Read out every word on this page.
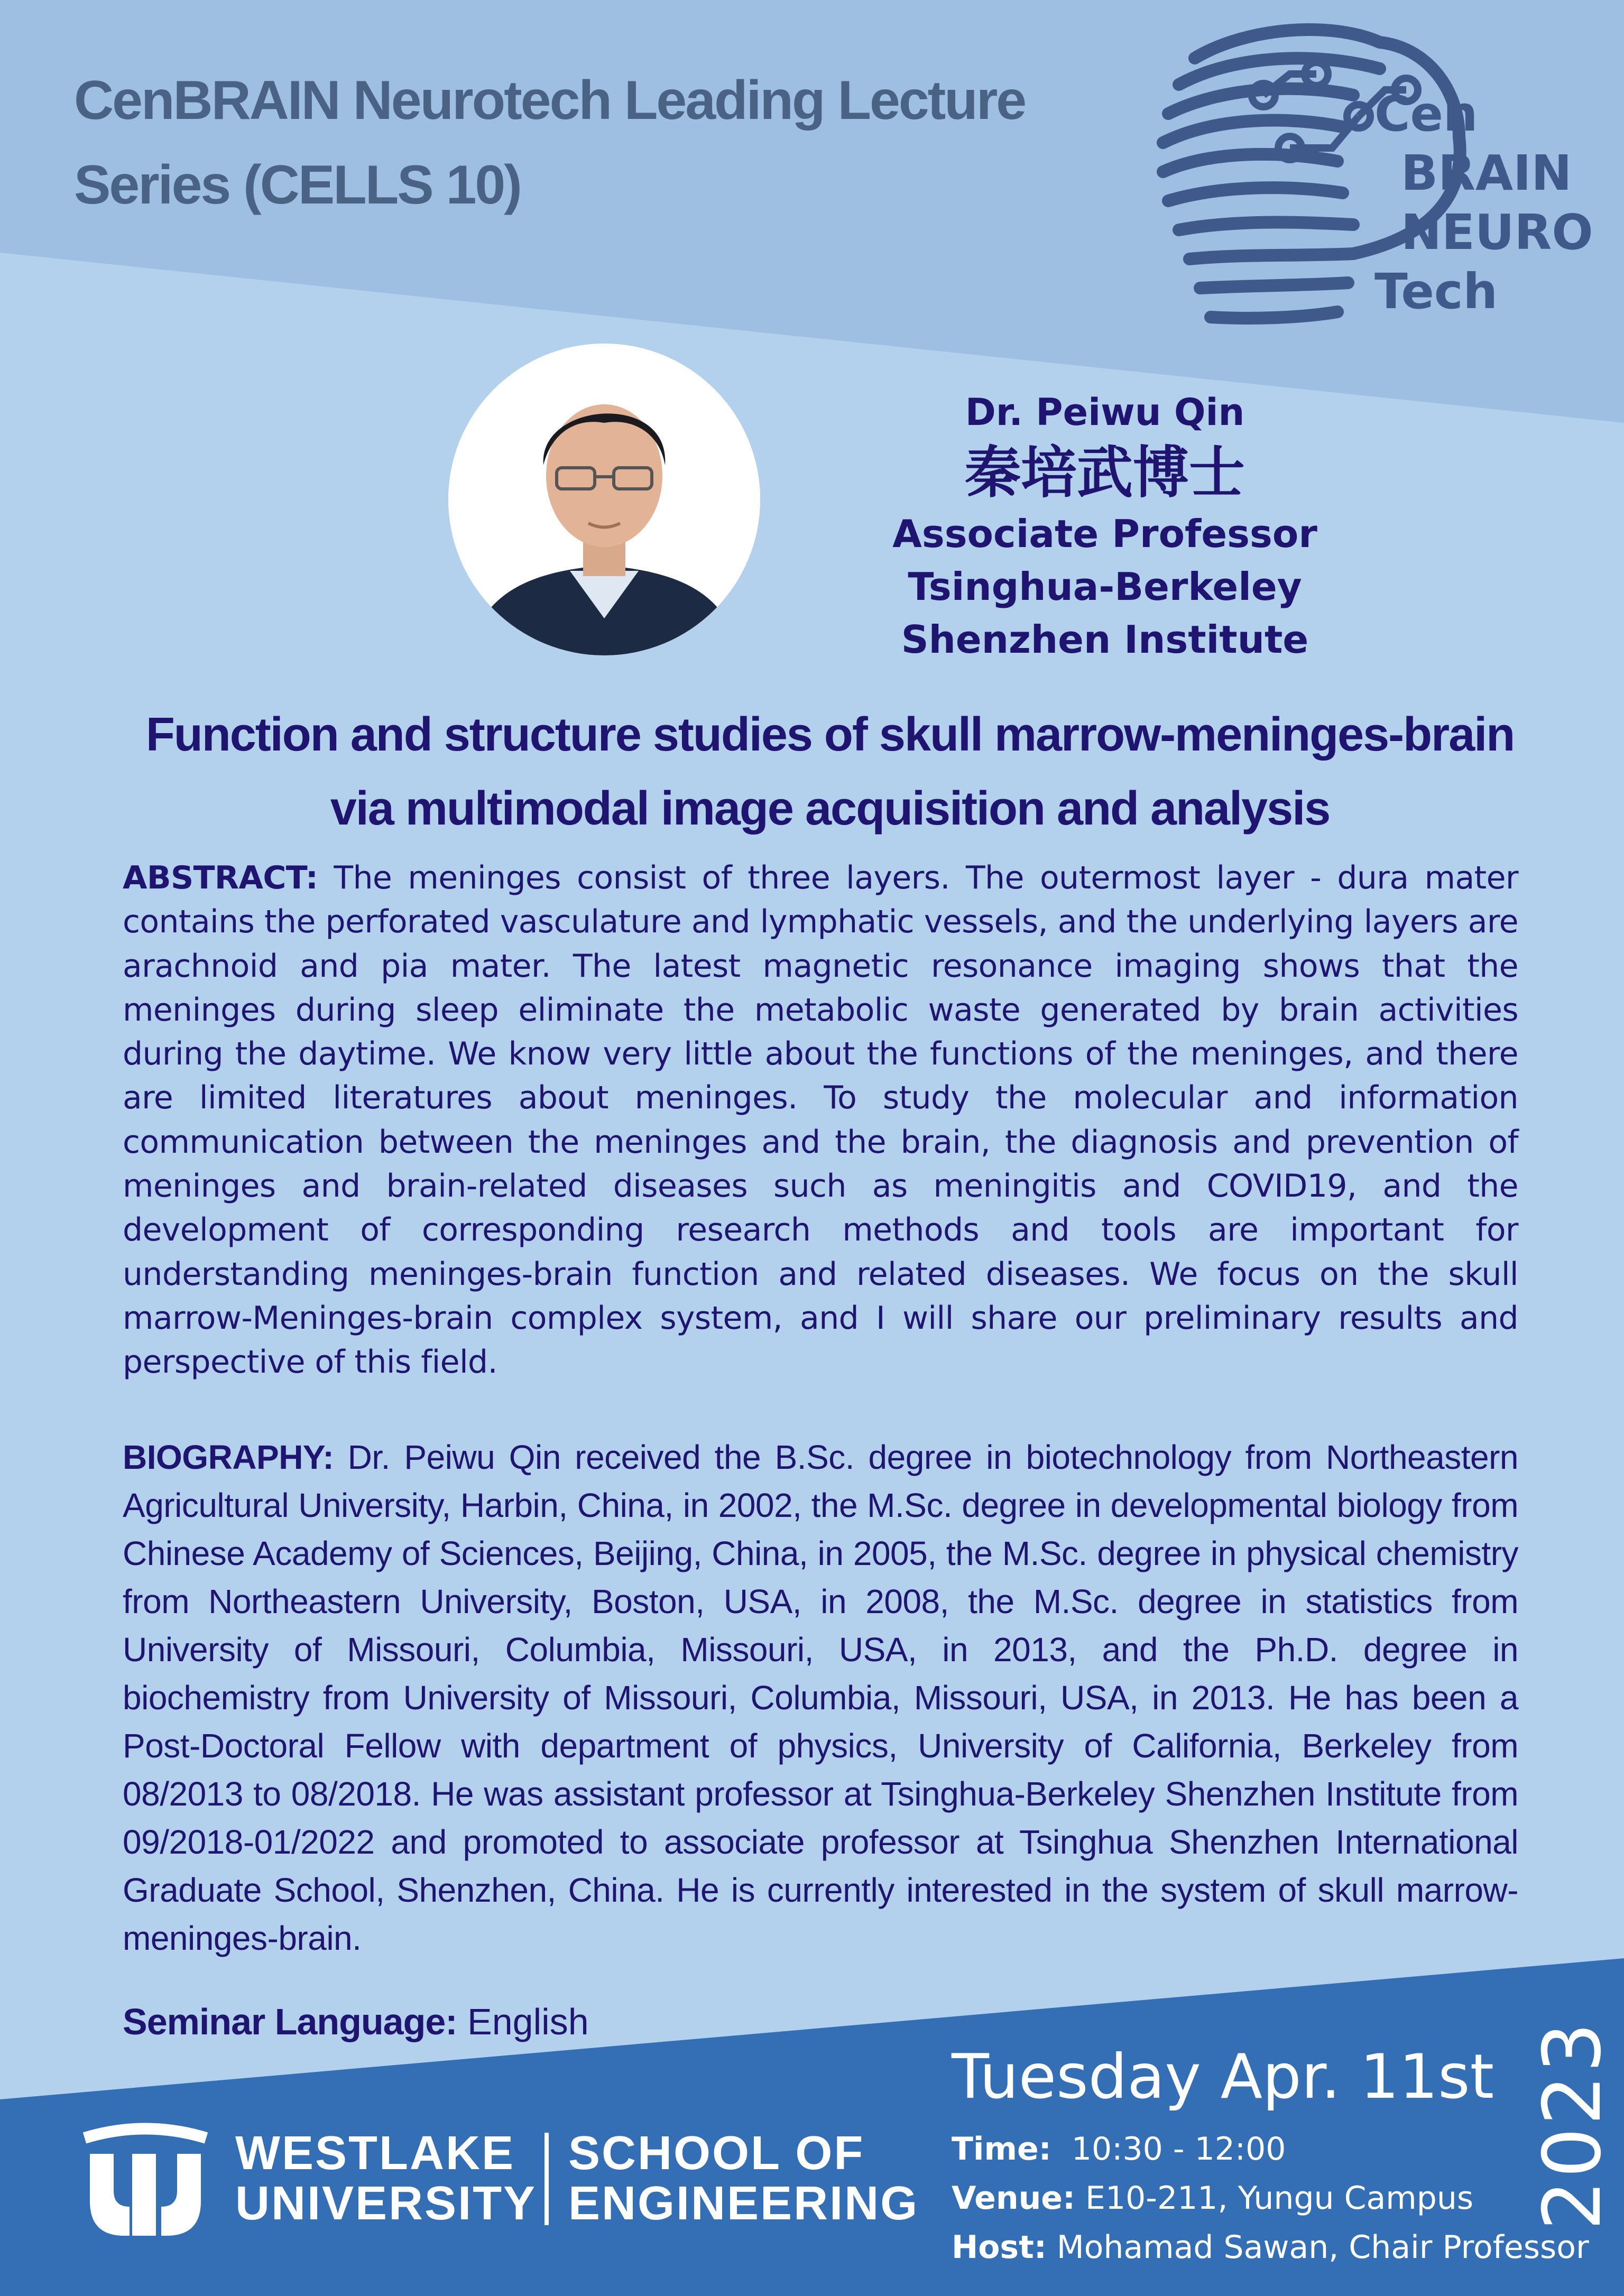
CenBRAIN Neurotech Leading Lecture
Series (CELLS 10)
Cen
BRAIN
NEURO
Tech
Dr. Peiwu Qin
秦培武博士
Associate Professor
Tsinghua-Berkeley
Shenzhen Institute
Function and structure studies of skull marrow-meninges-brain
via multimodal image acquisition and analysis

ABSTRACT: The meninges consist of three layers. The outermost layer - dura mater contains the perforated vasculature and lymphatic vessels, and the underlying layers are arachnoid and pia mater. The latest magnetic resonance imaging shows that the meninges during sleep eliminate the metabolic waste generated by brain activities during the daytime. We know very little about the functions of the meninges, and there are limited literatures about meninges. To study the molecular and information communication between the meninges and the brain, the diagnosis and prevention of meninges and brain-related diseases such as meningitis and COVID19, and the development of corresponding research methods and tools are important for understanding meninges-brain function and related diseases. We focus on the skull marrow-Meninges-brain complex system, and I will share our preliminary results and perspective of this field.

BIOGRAPHY: Dr. Peiwu Qin received the B.Sc. degree in biotechnology from Northeastern Agricultural University, Harbin, China, in 2002, the M.Sc. degree in developmental biology from Chinese Academy of Sciences, Beijing, China, in 2005, the M.Sc. degree in physical chemistry from Northeastern University, Boston, USA, in 2008, the M.Sc. degree in statistics from University of Missouri, Columbia, Missouri, USA, in 2013, and the Ph.D. degree in biochemistry from University of Missouri, Columbia, Missouri, USA, in 2013. He has been a Post-Doctoral Fellow with department of physics, University of California, Berkeley from 08/2013 to 08/2018. He was assistant professor at Tsinghua-Berkeley Shenzhen Institute from 09/2018-01/2022 and promoted to associate professor at Tsinghua Shenzhen International Graduate School, Shenzhen, China. He is currently interested in the system of skull marrow-meninges-brain.

Seminar Language: English
WESTLAKE
UNIVERSITY
SCHOOL OF
ENGINEERING
Tuesday Apr. 11st
Time: 10:30 - 12:00
Venue: E10-211, Yungu Campus
Host: Mohamad Sawan, Chair Professor
2023
